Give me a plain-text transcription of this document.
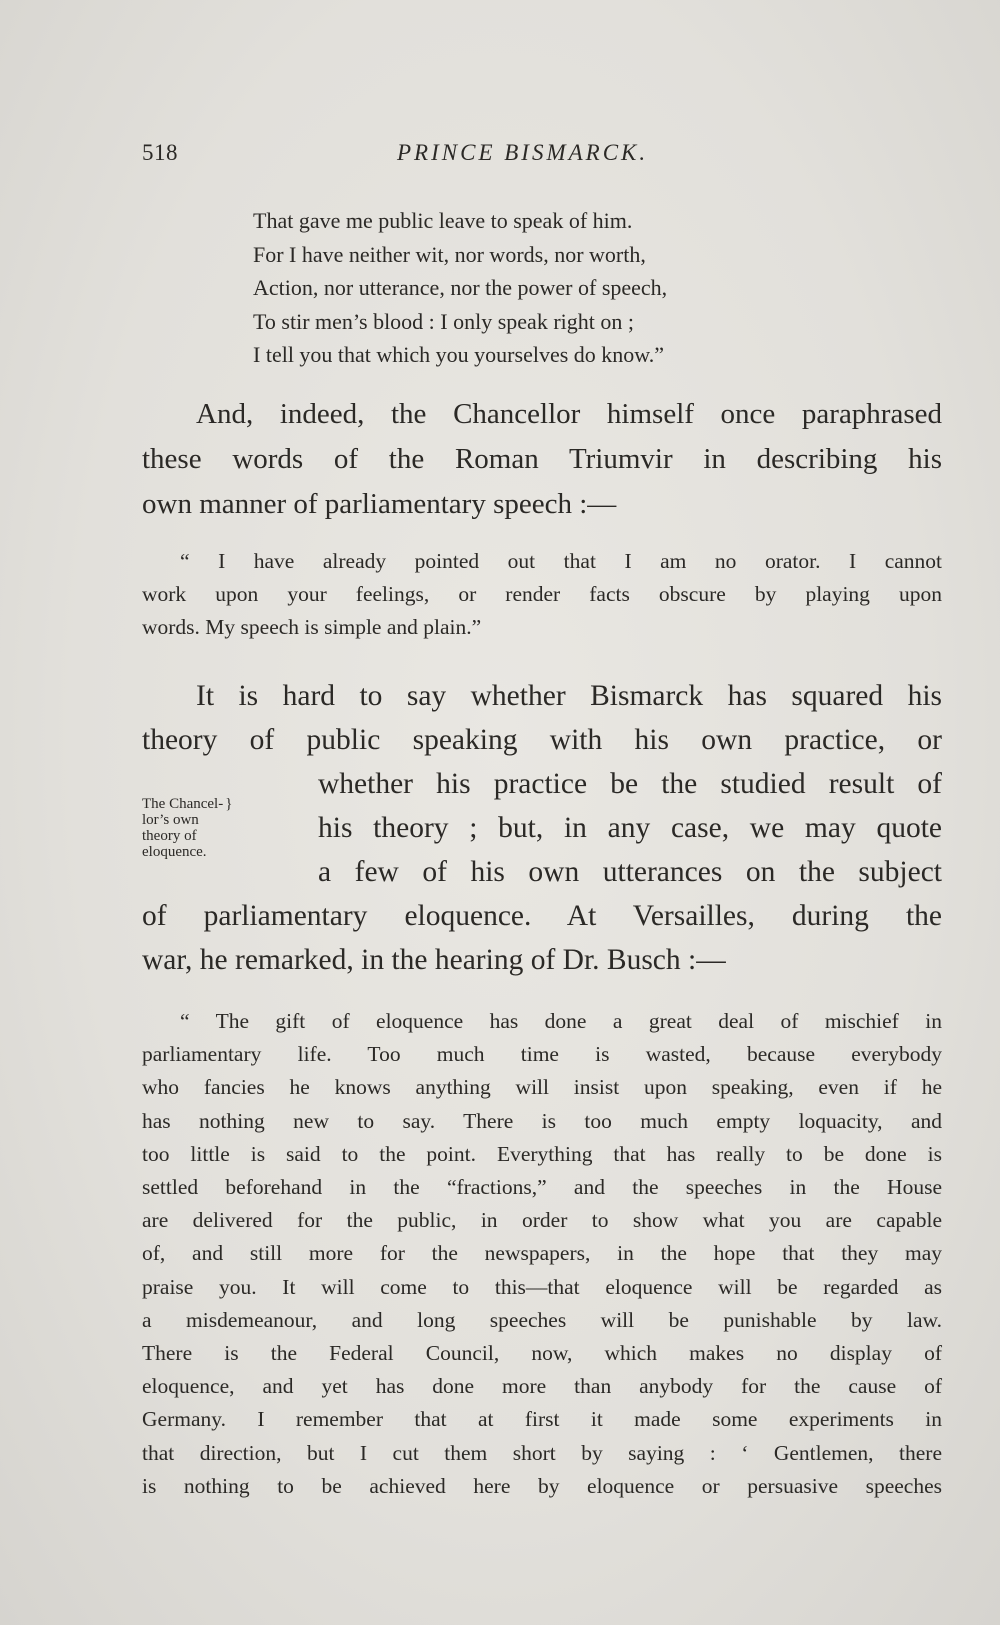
518	PRINCE BISMARCK.
That gave me public leave to speak of him.
For I have neither wit, nor words, nor worth,
Action, nor utterance, nor the power of speech,
To stir men’s blood : I only speak right on ;
I tell you that which you yourselves do know.”
And, indeed, the Chancellor himself once paraphrased
these words of the Roman Triumvir in describing his
own manner of parliamentary speech :—
“ I have already pointed out that I am no orator. I cannot
work upon your feelings, or render facts obscure by playing upon
words. My speech is simple and plain.”
It is hard to say whether Bismarck has squared his
theory of public speaking with his own practice, or
whether his practice be the studied result of
his theory ; but, in any case, we may quote
a few of his own utterances on the subject
of parliamentary eloquence. At Versailles, during the
war, he remarked, in the hearing of Dr. Busch :—
The Chancel- }
lor’s own
theory of
eloquence.
“ The gift of eloquence has done a great deal of mischief in
parliamentary life. Too much time is wasted, because everybody
who fancies he knows anything will insist upon speaking, even if he
has nothing new to say. There is too much empty loquacity, and
too little is said to the point. Everything that has really to be done is
settled beforehand in the “fractions,” and the speeches in the House
are delivered for the public, in order to show what you are capable
of, and still more for the newspapers, in the hope that they may
praise you. It will come to this—that eloquence will be regarded as
a misdemeanour, and long speeches will be punishable by law.
There is the Federal Council, now, which makes no display of
eloquence, and yet has done more than anybody for the cause of
Germany. I remember that at first it made some experiments in
that direction, but I cut them short by saying : ‘ Gentlemen, there
is nothing to be achieved here by eloquence or persuasive speeches
